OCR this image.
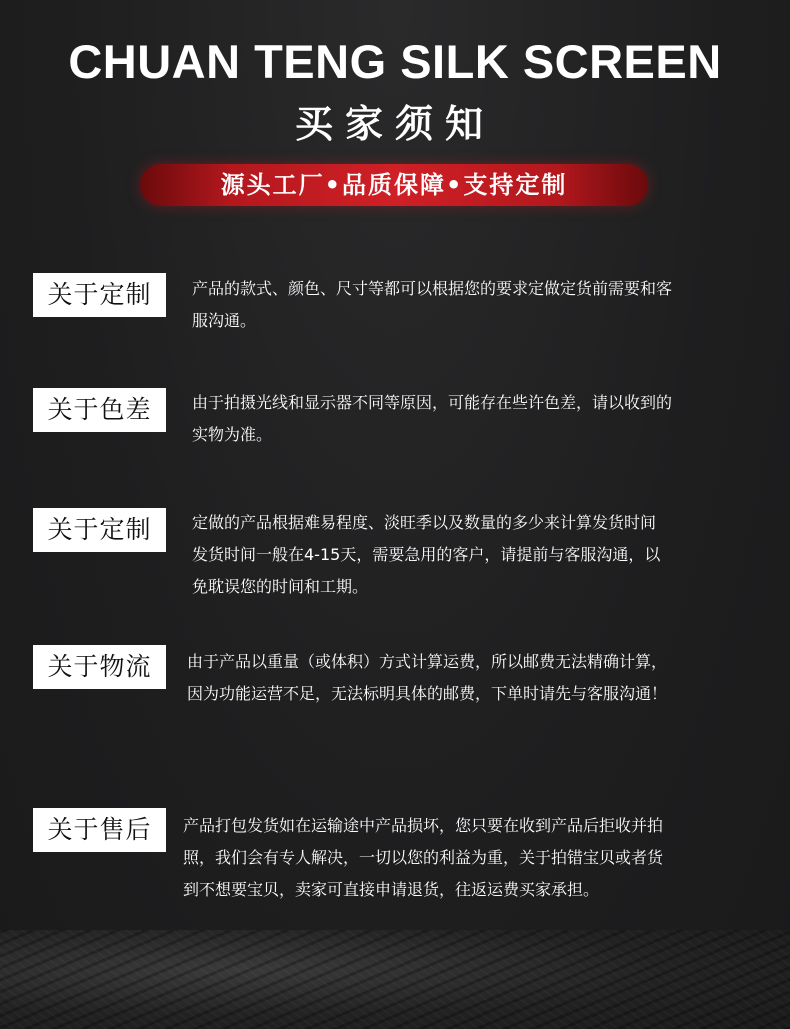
CHUAN TENG SILK SCREEN
买家须知
源头工厂•品质保障•支持定制
关于定制	产品的款式、颜色、尺寸等都可以根据您的要求定做定货前需要和客
服沟通。
关于色差	由于拍摄光线和显示器不同等原因，可能存在些许色差，请以收到的
实物为准。
关于定制	定做的产品根据难易程度、淡旺季以及数量的多少来计算发货时间
发货时间一般在4-15天，需要急用的客户，请提前与客服沟通，以
免耽误您的时间和工期。
关于物流	由于产品以重量（或体积）方式计算运费，所以邮费无法精确计算，
因为功能运营不足，无法标明具体的邮费，下单时请先与客服沟通！
关于售后	产品打包发货如在运输途中产品损坏，您只要在收到产品后拒收并拍
照，我们会有专人解决，一切以您的利益为重，关于拍错宝贝或者货
到不想要宝贝，卖家可直接申请退货，往返运费买家承担。
